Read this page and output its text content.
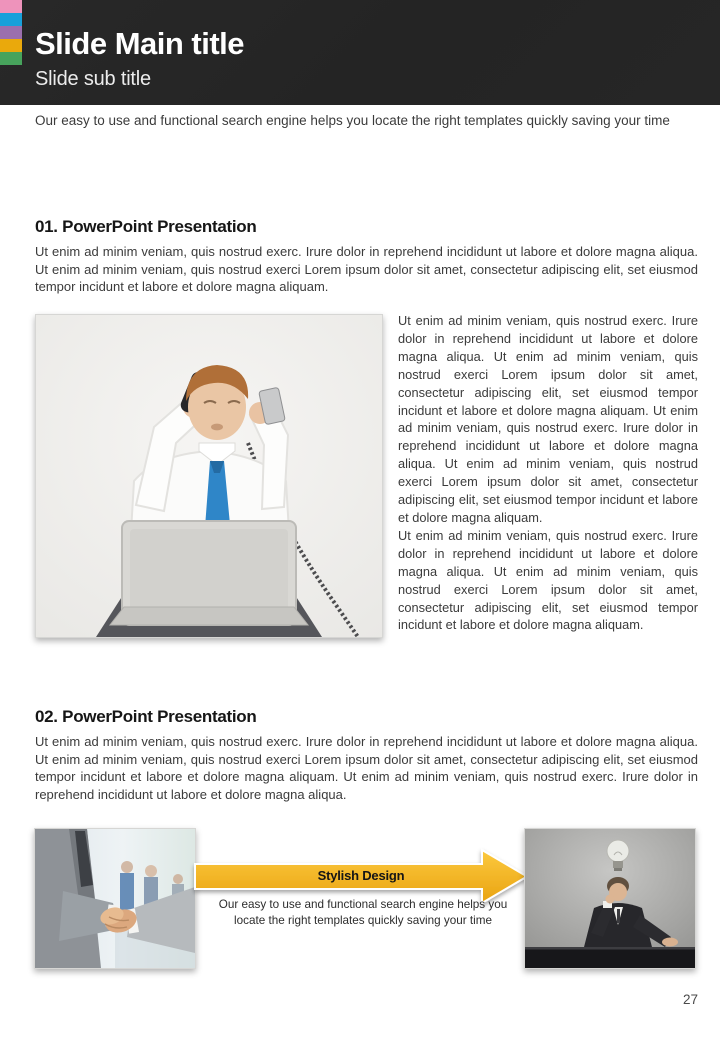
Slide Main title
Slide sub title
Our easy to use and functional search engine helps you locate the right templates quickly saving your time
01. PowerPoint Presentation
Ut enim ad minim veniam, quis nostrud exerc. Irure dolor in reprehend incididunt ut labore et dolore magna aliqua. Ut enim ad minim veniam, quis nostrud exerci Lorem ipsum dolor sit amet, consectetur adipiscing elit, set eiusmod tempor incidunt et labore et dolore magna aliquam.

Ut enim ad minim veniam, quis nostrud exerc. Irure dolor in reprehend incididunt ut labore et dolore magna aliqua. Ut enim ad minim veniam, quis nostrud exerci Lorem ipsum dolor sit amet, consectetur adipiscing elit, set eiusmod tempor incidunt et labore et dolore magna aliquam. Ut enim ad minim veniam, quis nostrud exerc. Irure dolor in reprehend incididunt ut labore et dolore magna aliqua. Ut enim ad minim veniam, quis nostrud exerci Lorem ipsum dolor sit amet, consectetur adipiscing elit, set eiusmod tempor incidunt et labore et dolore magna aliquam.

Ut enim ad minim veniam, quis nostrud exerc. Irure dolor in reprehend incididunt ut labore et dolore magna aliqua. Ut enim ad minim veniam, quis nostrud exerci Lorem ipsum dolor sit amet, consectetur adipiscing elit, set eiusmod tempor incidunt et labore et dolore magna aliquam.

02. PowerPoint Presentation
Ut enim ad minim veniam, quis nostrud exerc. Irure dolor in reprehend incididunt ut labore et dolore magna aliqua. Ut enim ad minim veniam, quis nostrud exerci Lorem ipsum dolor sit amet, consectetur adipiscing elit, set eiusmod tempor incidunt et labore et dolore magna aliquam. Ut enim ad minim veniam, quis nostrud exerc. Irure dolor in reprehend incididunt ut labore et dolore magna aliqua.
Stylish Design
Our easy to use and functional search engine helps you locate the right templates quickly saving your time
27
